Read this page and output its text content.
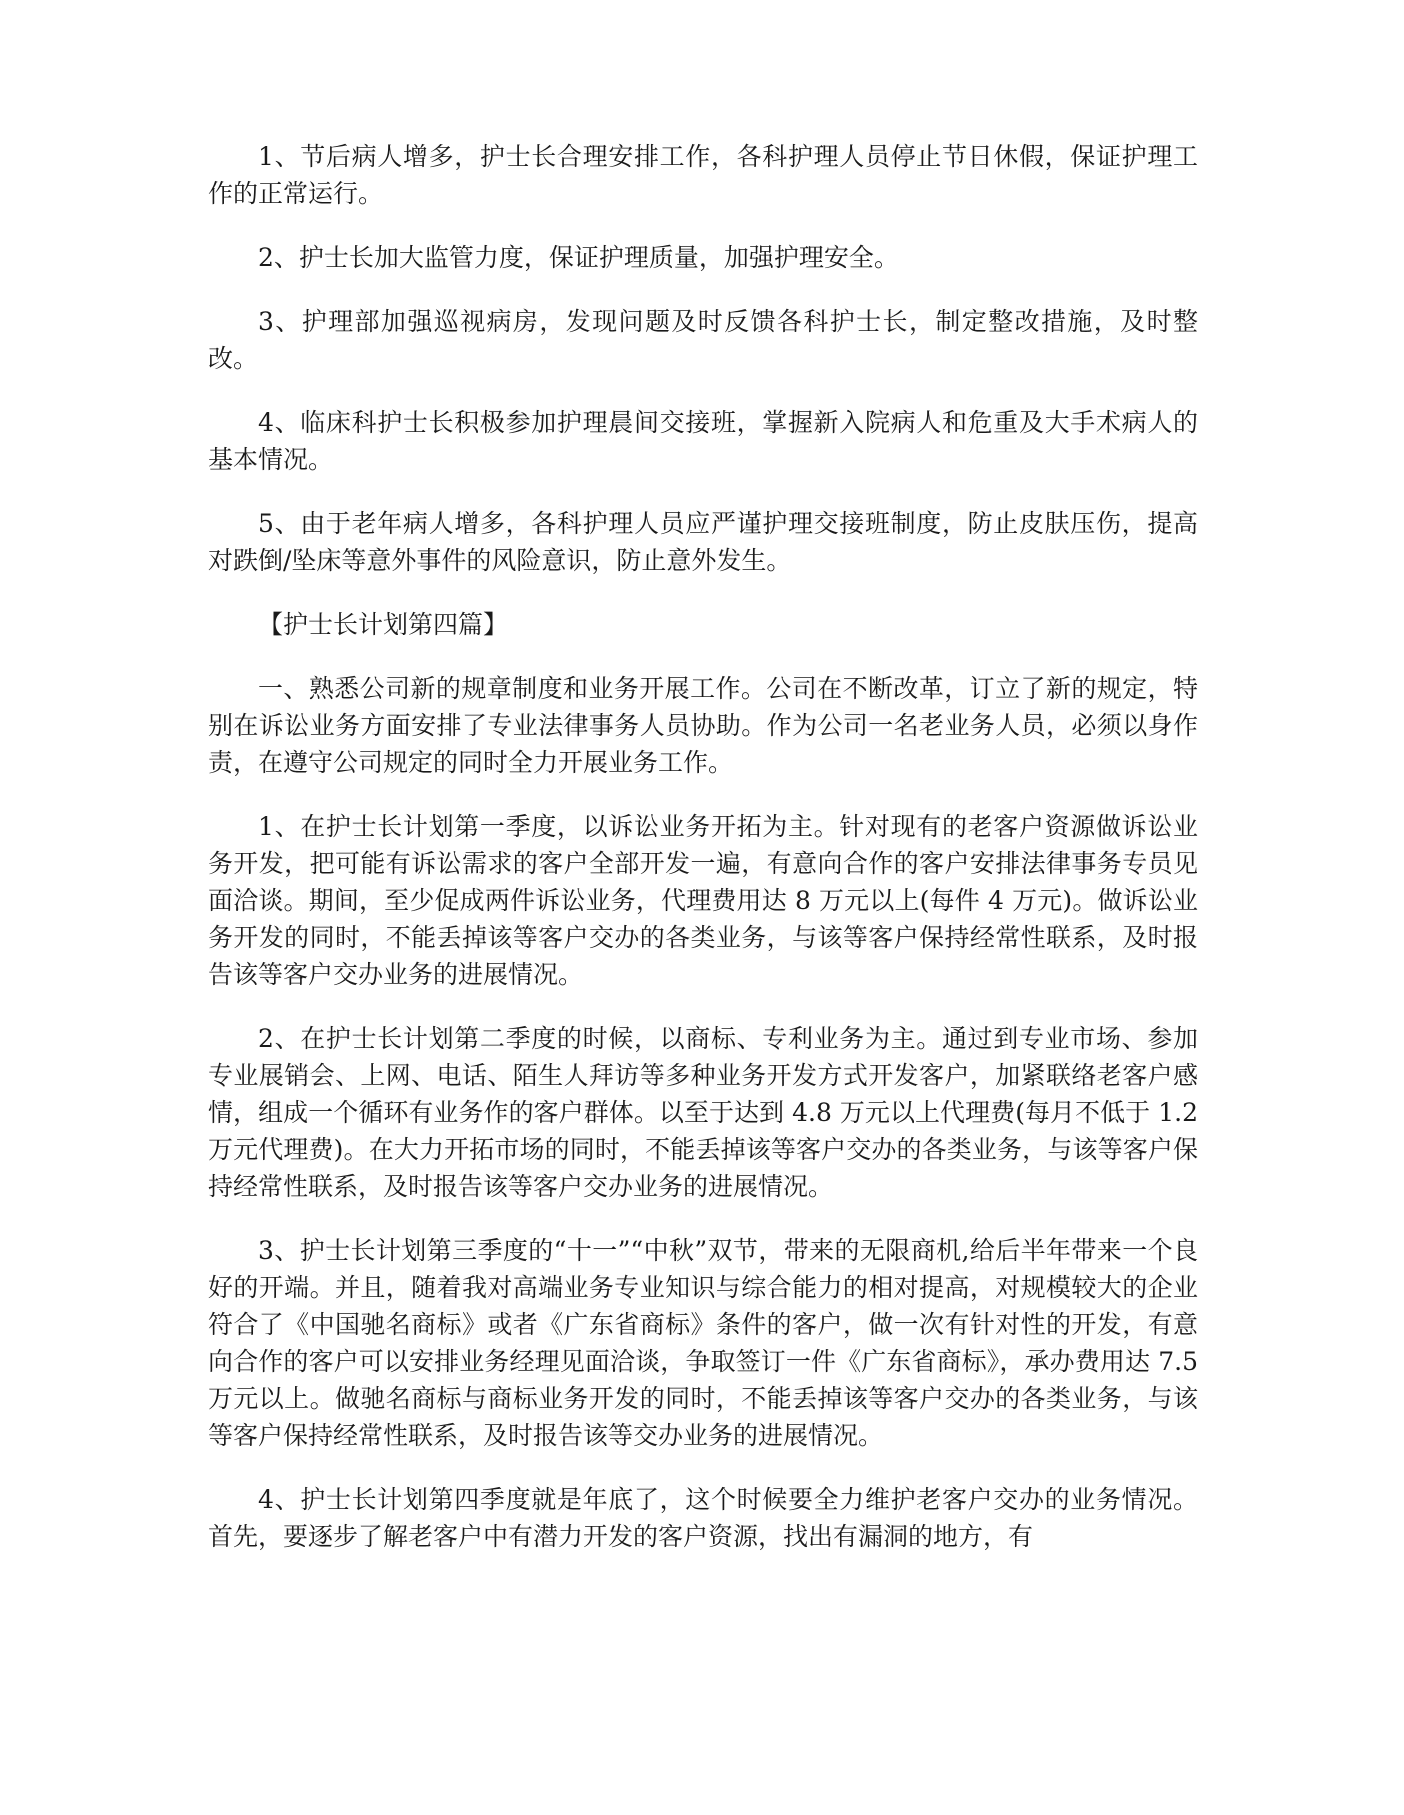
1、节后病人增多，护士长合理安排工作，各科护理人员停止节日休假，保证护理工作的正常运行。

2、护士长加大监管力度，保证护理质量，加强护理安全。

3、护理部加强巡视病房，发现问题及时反馈各科护士长，制定整改措施，及时整改。

4、临床科护士长积极参加护理晨间交接班，掌握新入院病人和危重及大手术病人的基本情况。

5、由于老年病人增多，各科护理人员应严谨护理交接班制度，防止皮肤压伤，提高对跌倒/坠床等意外事件的风险意识，防止意外发生。

【护士长计划第四篇】

一、熟悉公司新的规章制度和业务开展工作。公司在不断改革，订立了新的规定，特别在诉讼业务方面安排了专业法律事务人员协助。作为公司一名老业务人员，必须以身作责，在遵守公司规定的同时全力开展业务工作。

1、在护士长计划第一季度，以诉讼业务开拓为主。针对现有的老客户资源做诉讼业务开发，把可能有诉讼需求的客户全部开发一遍，有意向合作的客户安排法律事务专员见面洽谈。期间，至少促成两件诉讼业务，代理费用达 8 万元以上(每件 4 万元)。做诉讼业务开发的同时，不能丢掉该等客户交办的各类业务，与该等客户保持经常性联系，及时报告该等客户交办业务的进展情况。

2、在护士长计划第二季度的时候，以商标、专利业务为主。通过到专业市场、参加专业展销会、上网、电话、陌生人拜访等多种业务开发方式开发客户，加紧联络老客户感情，组成一个循环有业务作的客户群体。以至于达到 4.8 万元以上代理费(每月不低于 1.2 万元代理费)。在大力开拓市场的同时，不能丢掉该等客户交办的各类业务，与该等客户保持经常性联系，及时报告该等客户交办业务的进展情况。

3、护士长计划第三季度的“十一”“中秋”双节，带来的无限商机,给后半年带来一个良好的开端。并且，随着我对高端业务专业知识与综合能力的相对提高，对规模较大的企业符合了《中国驰名商标》或者《广东省商标》条件的客户，做一次有针对性的开发，有意向合作的客户可以安排业务经理见面洽谈，争取签订一件《广东省商标》，承办费用达 7.5 万元以上。做驰名商标与商标业务开发的同时，不能丢掉该等客户交办的各类业务，与该等客户保持经常性联系，及时报告该等交办业务的进展情况。

4、护士长计划第四季度就是年底了，这个时候要全力维护老客户交办的业务情况。首先，要逐步了解老客户中有潜力开发的客户资源，找出有漏洞的地方，有
